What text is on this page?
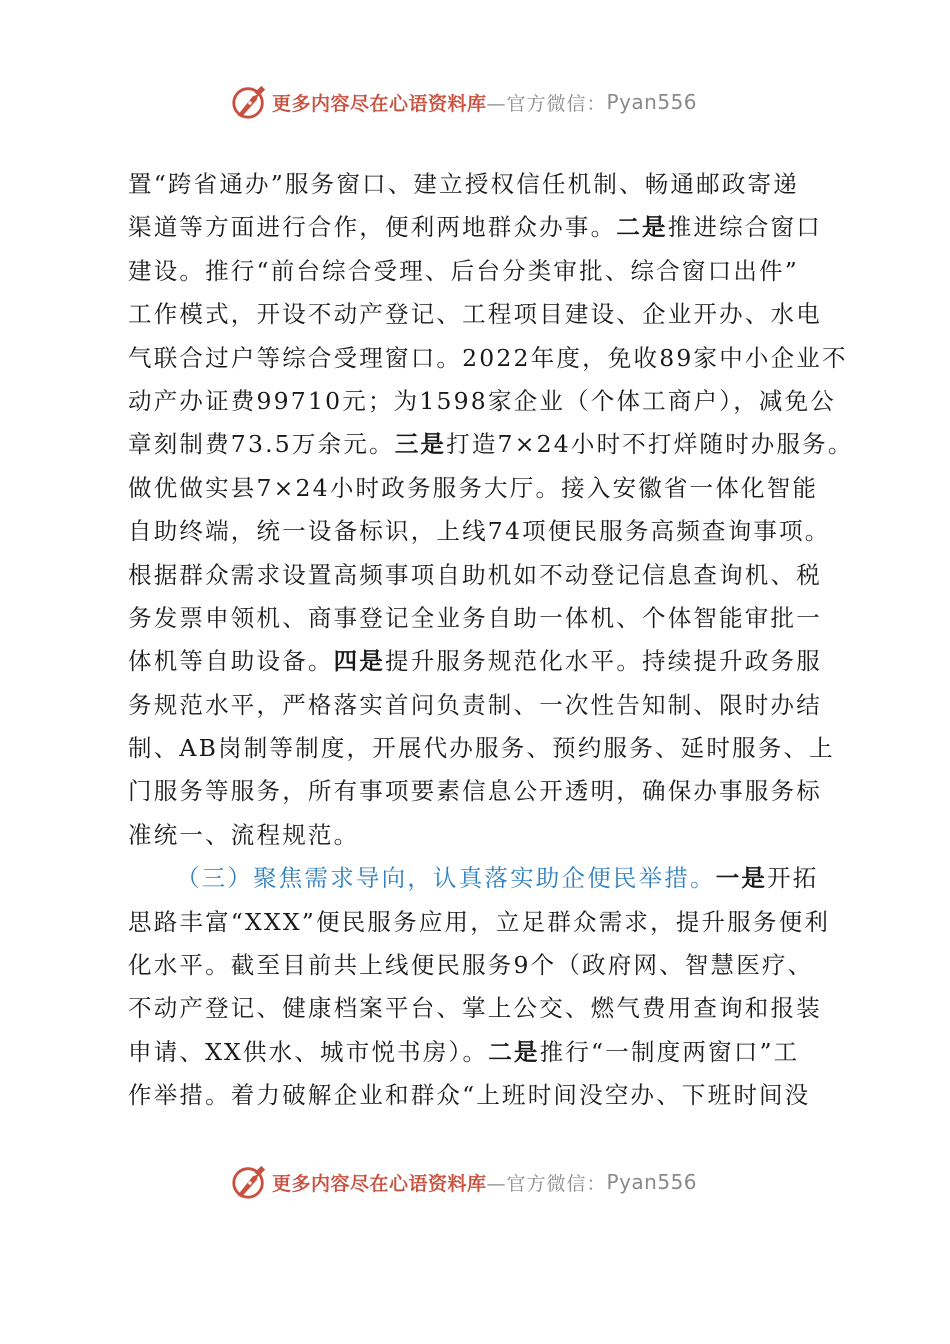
更多内容尽在心语资料库 —官方微信： Pyan556
置“跨省通办”服务窗口、建立授权信任机制、畅通邮政寄递
渠道等方面进行合作，便利两地群众办事。二是推进综合窗口
建设。推行“前台综合受理、后台分类审批、综合窗口出件”
工作模式，开设不动产登记、工程项目建设、企业开办、水电
气联合过户等综合受理窗口。2022年度，免收89家中小企业不
动产办证费99710元；为1598家企业（个体工商户），减免公
章刻制费73.5万余元。三是打造7×24小时不打烊随时办服务。
做优做实县7×24小时政务服务大厅。接入安徽省一体化智能
自助终端，统一设备标识，上线74项便民服务高频查询事项。
根据群众需求设置高频事项自助机如不动登记信息查询机、税
务发票申领机、商事登记全业务自助一体机、个体智能审批一
体机等自助设备。四是提升服务规范化水平。持续提升政务服
务规范水平，严格落实首问负责制、一次性告知制、限时办结
制、AB岗制等制度，开展代办服务、预约服务、延时服务、上
门服务等服务，所有事项要素信息公开透明，确保办事服务标
准统一、流程规范。
（三）聚焦需求导向，认真落实助企便民举措。一是开拓
思路丰富“XXX”便民服务应用，立足群众需求，提升服务便利
化水平。截至目前共上线便民服务9个（政府网、智慧医疗、
不动产登记、健康档案平台、掌上公交、燃气费用查询和报装
申请、XX供水、城市悦书房）。二是推行“一制度两窗口”工
作举措。着力破解企业和群众“上班时间没空办、下班时间没
更多内容尽在心语资料库 —官方微信： Pyan556
